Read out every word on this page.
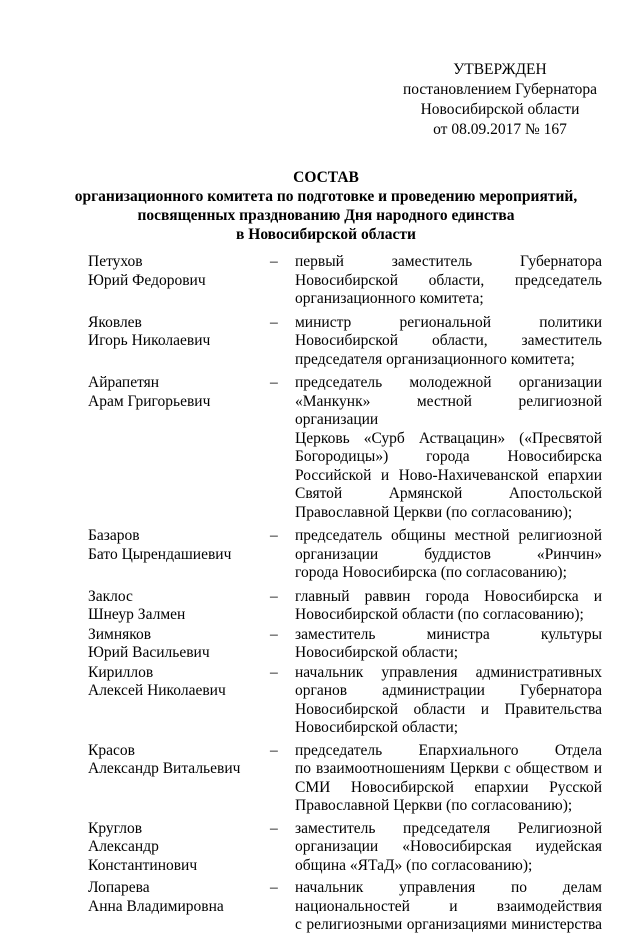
УТВЕРЖДЕН
постановлением Губернатора
Новосибирской области
от 08.09.2017 № 167
СОСТАВ
организационного комитета по подготовке и проведению мероприятий,
посвященных празднованию Дня народного единства
в Новосибирской области
Петухов
Юрий Федорович
–	первый заместитель Губернатора
Новосибирской области, председатель
организационного комитета;
Яковлев
Игорь Николаевич
–	министр региональной политики
Новосибирской области, заместитель
председателя организационного комитета;
Айрапетян
Арам Григорьевич
–	председатель молодежной организации
«Манкунк» местной религиозной организации
Церковь «Сурб Аствацацин» («Пресвятой
Богородицы») города Новосибирска
Российской и Ново-Нахичеванской епархии
Святой Армянской Апостольской
Православной Церкви (по согласованию);
Базаров
Бато Цырендашиевич
–	председатель общины местной религиозной
организации буддистов «Ринчин»
города Новосибирска (по согласованию);
Заклос
Шнеур Залмен
–	главный раввин города Новосибирска и
Новосибирской области (по согласованию);
Зимняков
Юрий Васильевич
–	заместитель министра культуры
Новосибирской области;
Кириллов
Алексей Николаевич
–	начальник управления административных
органов администрации Губернатора
Новосибирской области и Правительства
Новосибирской области;
Красов
Александр Витальевич
–	председатель Епархиального Отдела
по взаимоотношениям Церкви с обществом и
СМИ Новосибирской епархии Русской
Православной Церкви (по согласованию);
Круглов
Александр Константинович
–	заместитель председателя Религиозной
организации «Новосибирская иудейская
община «ЯТаД» (по согласованию);
Лопарева
Анна Владимировна
–	начальник управления по делам
национальностей и взаимодействия
с религиозными организациями министерства
